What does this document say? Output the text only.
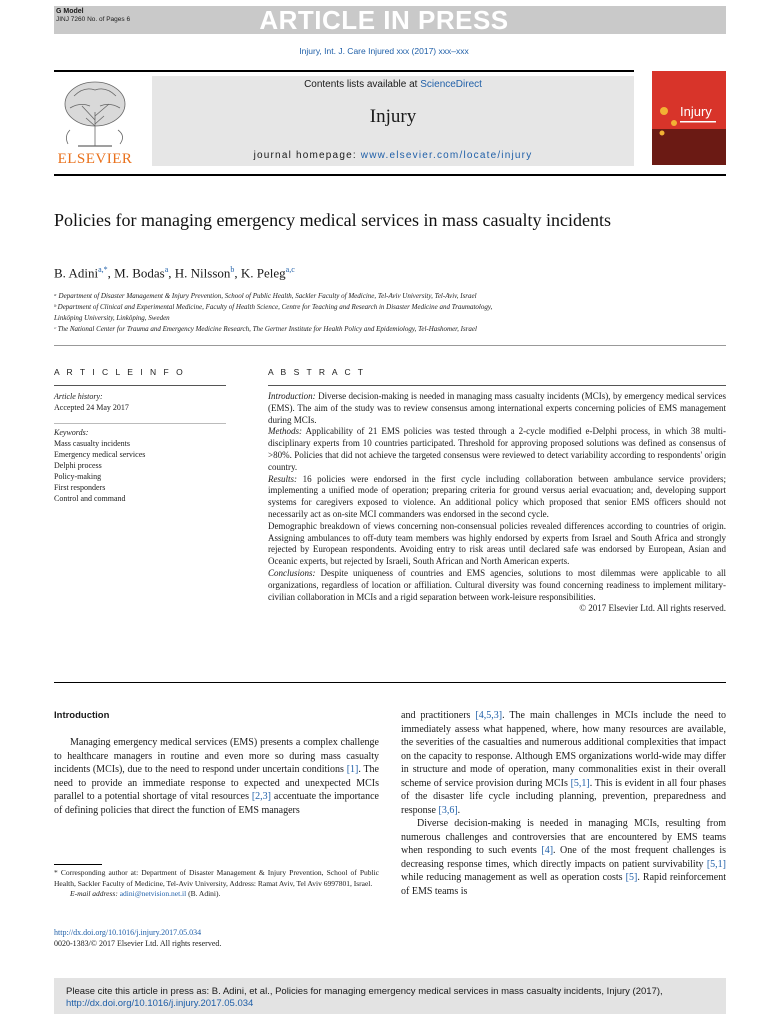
G Model
JINJ 7260 No. of Pages 6	ARTICLE IN PRESS
Injury, Int. J. Care Injured xxx (2017) xxx–xxx
ELSEVIER
Contents lists available at ScienceDirect
Injury
journal homepage: www.elsevier.com/locate/injury
Injury
Policies for managing emergency medical services in mass casualty incidents
B. Adini$^{a,*}$, M. Bodas$^a$, H. Nilsson$^b$, K. Peleg$^{a,c}$
ᵃ Department of Disaster Management & Injury Prevention, School of Public Health, Sackler Faculty of Medicine, Tel-Aviv University, Tel-Aviv, Israel
ᵇ Department of Clinical and Experimental Medicine, Faculty of Health Science, Centre for Teaching and Research in Disaster Medicine and Traumatology,
Linköping University, Linköping, Sweden
ᶜ The National Center for Trauma and Emergency Medicine Research, The Gertner Institute for Health Policy and Epidemiology, Tel-Hashomer, Israel
A R T I C L E I N F O
Article history:
Accepted 24 May 2017
Keywords:
Mass casualty incidents
Emergency medical services
Delphi process
Policy-making
First responders
Control and command
A B S T R A C T

Introduction: Diverse decision-making is needed in managing mass casualty incidents (MCIs), by emergency medical services (EMS). The aim of the study was to review consensus among international experts concerning policies of EMS management during MCIs.

Methods: Applicability of 21 EMS policies was tested through a 2-cycle modified e-Delphi process, in which 38 multi-disciplinary experts from 10 countries participated. Threshold for approving proposed solutions was defined as consensus of >80%. Policies that did not achieve the targeted consensus were reviewed to detect variability according to respondents' origin country.

Results: 16 policies were endorsed in the first cycle including collaboration between ambulance service providers; implementing a unified mode of operation; preparing criteria for ground versus aerial evacuation; and, developing support systems for caregivers exposed to violence. An additional policy which proposed that senior EMS officers should not necessarily act as on-site MCI commanders was endorsed in the second cycle.

Demographic breakdown of views concerning non-consensual policies revealed differences according to countries of origin. Assigning ambulances to off-duty team members was highly endorsed by experts from Israel and South Africa and strongly rejected by European respondents. Avoiding entry to risk areas until declared safe was endorsed by European, Asian and Oceanic experts, but rejected by Israeli, South African and North American experts.

Conclusions: Despite uniqueness of countries and EMS agencies, solutions to most dilemmas were applicable to all organizations, regardless of location or affiliation. Cultural diversity was found concerning readiness to implement military-civilian collaboration in MCIs and a rigid separation between work-leisure responsibilities.

© 2017 Elsevier Ltd. All rights reserved.

Introduction

Managing emergency medical services (EMS) presents a complex challenge to healthcare managers in routine and even more so during mass casualty incidents (MCIs), due to the need to respond under uncertain conditions [1]. The need to provide an immediate response to expected and unexpected MCIs parallel to a potential shortage of vital resources [2,3] accentuate the importance of defining policies that direct the function of EMS managers

and practitioners [4,5,3]. The main challenges in MCIs include the need to immediately assess what happened, where, how many resources are available, the severities of the casualties and numerous additional complexities that impact on the capacity to response. Although EMS organizations world-wide may differ in structure and mode of operation, many commonalities exist in their overall scheme of service provision during MCIs [5,1]. This is evident in all four phases of the disaster life cycle including planning, prevention, preparedness and response [3,6].

Diverse decision-making is needed in managing MCIs, resulting from numerous challenges and controversies that are encountered by EMS teams when responding to such events [4]. One of the most frequent challenges is decreasing response times, which directly impacts on patient survivability [5,1] while reducing management as well as operation costs [5]. Rapid reinforcement of EMS teams is

* Corresponding author at: Department of Disaster Management & Injury Prevention, School of Public Health, Sackler Faculty of Medicine, Tel-Aviv University, Address: Ramat Aviv, Tel Aviv 6997801, Israel.
E-mail address: adini@netvision.net.il (B. Adini).
http://dx.doi.org/10.1016/j.injury.2017.05.034
0020-1383/© 2017 Elsevier Ltd. All rights reserved.
Please cite this article in press as: B. Adini, et al., Policies for managing emergency medical services in mass casualty incidents, Injury (2017),
http://dx.doi.org/10.1016/j.injury.2017.05.034
